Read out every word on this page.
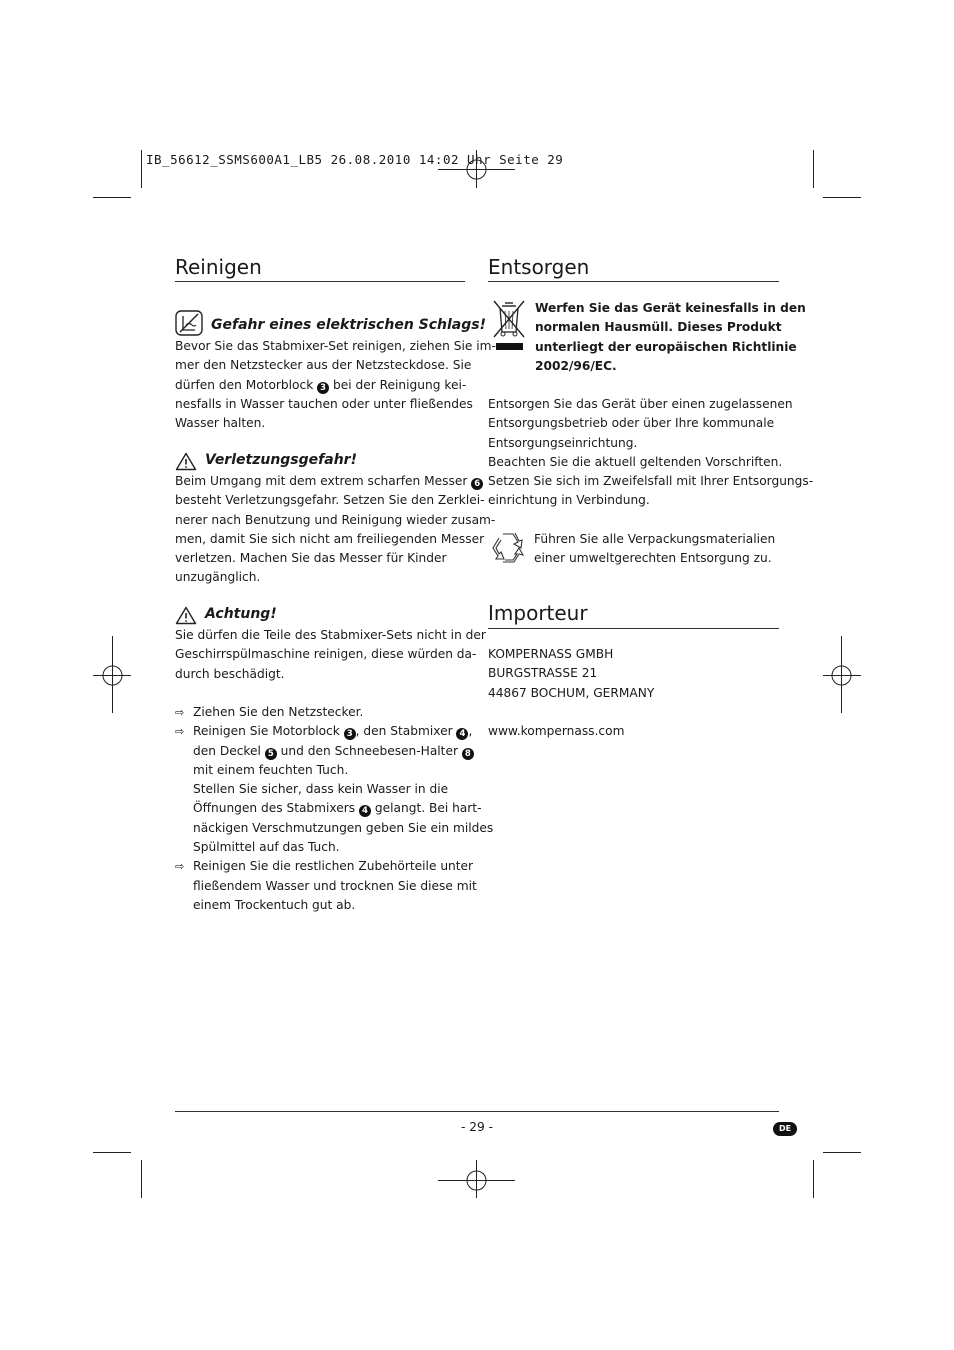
IB_56612_SSMS600A1_LB5 26.08.2010 14:02 Uhr Seite 29
Reinigen
Gefahr eines elektrischen Schlags!
Bevor Sie das Stabmixer-Set reinigen, ziehen Sie im-
mer den Netzstecker aus der Netzsteckdose. Sie
dürfen den Motorblock 3 bei der Reinigung kei-
nesfalls in Wasser tauchen oder unter fließendes
Wasser halten.
Verletzungsgefahr!
Beim Umgang mit dem extrem scharfen Messer 6
besteht Verletzungsgefahr. Setzen Sie den Zerklei-
nerer nach Benutzung und Reinigung wieder zusam-
men, damit Sie sich nicht am freiliegenden Messer
verletzen. Machen Sie das Messer für Kinder
unzugänglich.
Achtung!
Sie dürfen die Teile des Stabmixer-Sets nicht in der
Geschirrspülmaschine reinigen, diese würden da-
durch beschädigt.
⇨ Ziehen Sie den Netzstecker.
⇨ Reinigen Sie Motorblock 3 , den Stabmixer 4 ,
den Deckel 5 und den Schneebesen-Halter 8
mit einem feuchten Tuch.
Stellen Sie sicher, dass kein Wasser in die
Öffnungen des Stabmixers 4 gelangt. Bei hart-
näckigen Verschmutzungen geben Sie ein mildes
Spülmittel auf das Tuch.
⇨ Reinigen Sie die restlichen Zubehörteile unter
fließendem Wasser und trocknen Sie diese mit
einem Trockentuch gut ab.
Entsorgen
Werfen Sie das Gerät keinesfalls in den
normalen Hausmüll. Dieses Produkt
unterliegt der europäischen Richtlinie
2002/96/EC.
Entsorgen Sie das Gerät über einen zugelassenen
Entsorgungsbetrieb oder über Ihre kommunale
Entsorgungseinrichtung.
Beachten Sie die aktuell geltenden Vorschriften.
Setzen Sie sich im Zweifelsfall mit Ihrer Entsorgungs-
einrichtung in Verbindung.
Führen Sie alle Verpackungsmaterialien
einer umweltgerechten Entsorgung zu.
Importeur
KOMPERNASS GMBH
BURGSTRASSE 21
44867 BOCHUM, GERMANY
www.kompernass.com
- 29 -	DE
